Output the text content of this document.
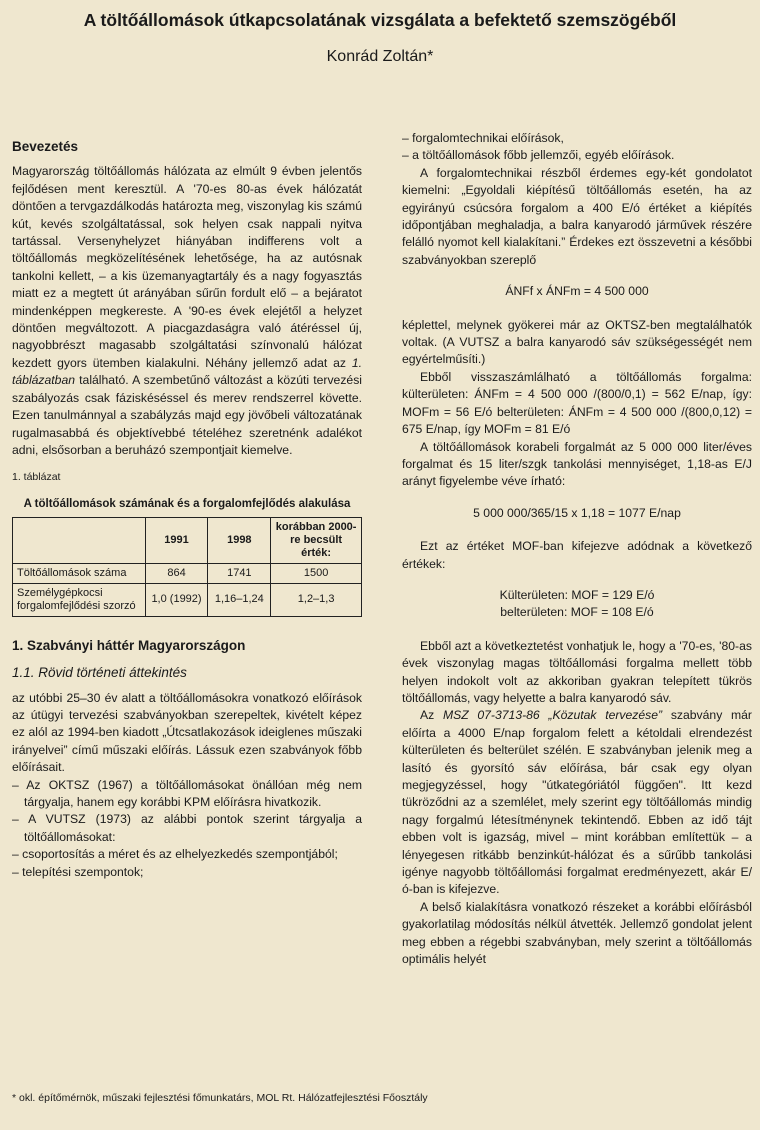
A töltőállomások útkapcsolatának vizsgálata a befektető szemszögéből
Konrád Zoltán*
Bevezetés

Magyarország töltőállomás hálózata az elmúlt 9 évben jelentős fejlődésen ment keresztül. A '70-es 80-as évek hálózatát döntően a tervgazdálkodás határozta meg, viszonylag kis számú kút, kevés szolgáltatással, sok helyen csak nappali nyitva tartással. Versenyhelyzet hiányában indifferens volt a töltőállomás megközelítésének lehetősége, ha az autósnak tankolni kellett, – a kis üzemanyagtartály és a nagy fogyasztás miatt ez a megtett út arányában sűrűn fordult elő – a bejáratot mindenképpen megkereste. A '90-es évek elejétől a helyzet döntően megváltozott. A piacgazdaságra való átéréssel új, nagyobbrészt magasabb szolgáltatási színvonalú hálózat kezdett gyors ütemben kialakulni. Néhány jellemző adat az 1. táblázatban található. A szembetűnő változást a közúti tervezési szabályozás csak fáziskéséssel és merev rendszerrel követte. Ezen tanulmánnyal a szabályzás majd egy jövőbeli változatának rugalmasabbá és objektívebbé tételéhez szeretnénk adalékot adni, elsősorban a beruházó szempontjait kiemelve.

1. táblázat
A töltőállomások számának és a forgalomfejlődés alakulása
	1991	1998	korábban 2000-re becsült érték:
Töltőállomások száma	864	1741	1500
Személygépkocsi forgalomfejlődési szorzó	1,0 (1992)	1,16–1,24	1,2–1,3
1. Szabványi háttér Magyarországon
1.1. Rövid történeti áttekintés

az utóbbi 25–30 év alatt a töltőállomásokra vonatkozó előírások az útügyi tervezési szabványokban szerepeltek, kivételt képez ez alól az 1994-ben kiadott „Útcsatlakozások ideiglenes műszaki irányelvei” című műszaki előírás. Lássuk ezen szabványok főbb előírásait.

– Az OKTSZ (1967) a töltőállomásokat önállóan még nem tárgyalja, hanem egy korábbi KPM előírásra hivatkozik.

– A VUTSZ (1973) az alábbi pontok szerint tárgyalja a töltőállomásokat:

– csoportosítás a méret és az elhelyezkedés szempontjából;

– telepítési szempontok;

– forgalomtechnikai előírások,

– a töltőállomások főbb jellemzői, egyéb előírások.

A forgalomtechnikai részből érdemes egy-két gondolatot kiemelni: „Egyoldali kiépítésű töltőállomás esetén, ha az egyirányú csúcsóra forgalom a 400 E/ó értéket a kiépítés időpontjában meghaladja, a balra kanyarodó járművek részére felálló nyomot kell kialakítani.” Érdekes ezt összevetni a későbbi szabványokban szereplő

ÁNFf x ÁNFm = 4 500 000

képlettel, melynek gyökerei már az OKTSZ-ben megtalálhatók voltak. (A VUTSZ a balra kanyarodó sáv szükségességét nem egyértelműsíti.)

Ebből visszaszámlálható a töltőállomás forgalma: külterületen: ÁNFm = 4 500 000 /(800/0,1) = 562 E/nap, így: MOFm = 56 E/ó belterületen: ÁNFm = 4 500 000 /(800,0,12) = 675 E/nap, így MOFm = 81 E/ó

A töltőállomások korabeli forgalmát az 5 000 000 liter/éves forgalmat és 15 liter/szgk tankolási mennyiséget, 1,18-as E/J arányt figyelembe véve írható:

5 000 000/365/15 x 1,18 = 1077 E/nap

Ezt az értéket MOF-ban kifejezve adódnak a következő értékek:

Külterületen: MOF = 129 E/ó
belterületen: MOF = 108 E/ó

Ebből azt a következtetést vonhatjuk le, hogy a '70-es, '80-as évek viszonylag magas töltőállomási forgalma mellett több helyen indokolt volt az akkoriban gyakran telepített tükrös töltőállomás, vagy helyette a balra kanyarodó sáv.

Az MSZ 07-3713-86 „Közutak tervezése” szabvány már előírta a 4000 E/nap forgalom felett a kétoldali elrendezést külterületen és belterület szélén. E szabványban jelenik meg a lasító és gyorsító sáv előírása, bár csak egy olyan megjegyzéssel, hogy "útkategóriától függően". Itt kezd tükröződni az a szemlélet, mely szerint egy töltőállomás mindig nagy forgalmú létesítménynek tekintendő. Ebben az idő tájt ebben volt is igazság, mivel – mint korábban említettük – a lényegesen ritkább benzinkút-hálózat és a sűrűbb tankolási igénye nagyobb töltőállomási forgalmat eredményezett, akár E/ó-ban is kifejezve.

A belső kialakításra vonatkozó részeket a korábbi előírásból gyakorlatilag módosítás nélkül átvették. Jellemző gondolat jelent meg ebben a régebbi szabványban, mely szerint a töltőállomás optimális helyét

* okl. építőmérnök, műszaki fejlesztési főmunkatárs, MOL Rt. Hálózatfejlesztési Főosztály
